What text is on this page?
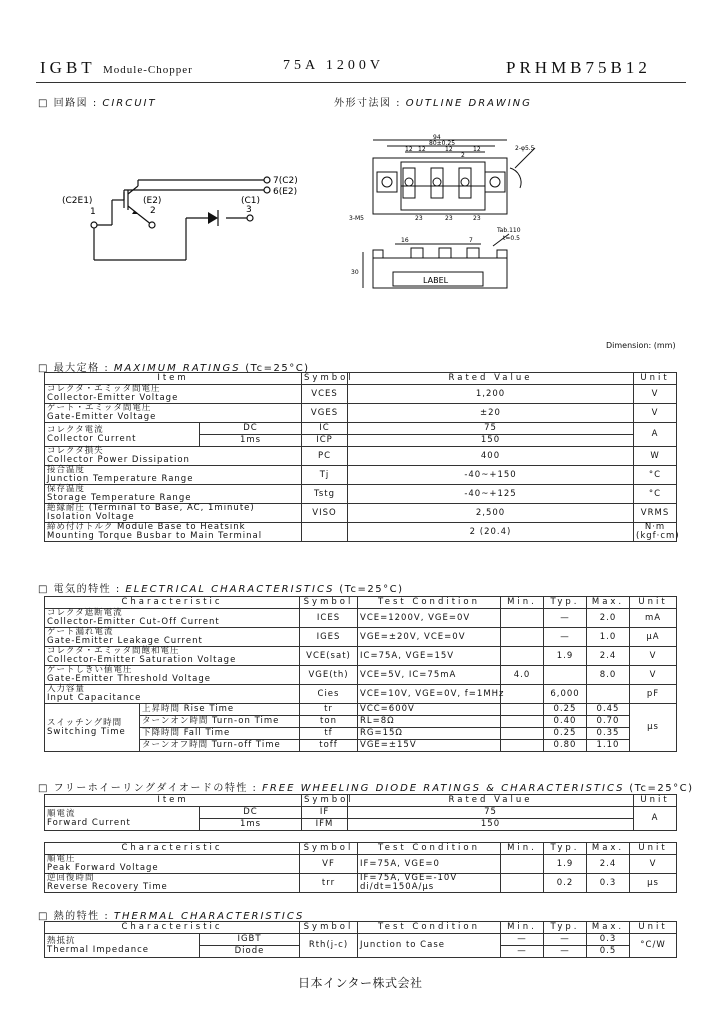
IGBT Module-Chopper	75A 1200V	PRHMB75B12
□ 回路図 : CIRCUIT
(C2E1)
1
(E2)
2
(C1)
3
7(C2)
6(E2)
外形寸法図 : OUTLINE DRAWING
94
80±0.25
12 12	12	12
2
23	23	23
2-φ5.5
3-M5
LABEL
16	7
30
Tab.110
t=0.5
Dimension: (mm)
□ 最大定格 : MAXIMUM RATINGS (Tc=25°C)
Item		Symbol	Rated Value	Unit
コレクタ・エミッタ間電圧
Collector-Emitter Voltage		VCES	1,200	V
ゲート・エミッタ間電圧
Gate-Emitter Voltage		VGES	±20	V
コレクタ電流
Collector Current	DC	IC	75	A
	1ms	ICP	150	
コレクタ損失
Collector Power Dissipation		PC	400	W
接合温度
Junction Temperature Range		Tj	-40~+150	°C
保存温度
Storage Temperature Range		Tstg	-40~+125	°C
絶縁耐圧 (Terminal to Base, AC, 1minute)
Isolation Voltage		VISO	2,500	VRMS
締め付けトルク Module Base to Heatsink
Mounting Torque Busbar to Main Terminal			2 (20.4)	N·m
(kgf·cm)
□ 電気的特性 : ELECTRICAL CHARACTERISTICS (Tc=25°C)
Characteristic		Symbol	Test Condition	Min.	Typ.	Max.	Unit
コレクタ遮断電流
Collector-Emitter Cut-Off Current		ICES	VCE=1200V, VGE=0V		—	2.0	mA
ゲート漏れ電流
Gate-Emitter Leakage Current		IGES	VGE=±20V, VCE=0V		—	1.0	μA
コレクタ・エミッタ間飽和電圧
Collector-Emitter Saturation Voltage		VCE(sat)	IC=75A, VGE=15V		1.9	2.4	V
ゲートしきい値電圧
Gate-Emitter Threshold Voltage		VGE(th)	VCE=5V, IC=75mA	4.0		8.0	V
入力容量
Input Capacitance		Cies	VCE=10V, VGE=0V, f=1MHz		6,000		pF
スイッチング時間
Switching Time	上昇時間 Rise Time	tr	VCC=600V		0.25	0.45	μs
	ターンオン時間 Turn-on Time	ton	RL=8Ω		0.40	0.70	
	下降時間 Fall Time	tf	RG=15Ω		0.25	0.35	
	ターンオフ時間 Turn-off Time	toff	VGE=±15V		0.80	1.10	
□ フリーホイーリングダイオードの特性 : FREE WHEELING DIODE RATINGS & CHARACTERISTICS (Tc=25°C)
Item		Symbol	Rated Value	Unit
順電流
Forward Current	DC	IF	75	A
	1ms	IFM	150	
Characteristic	Symbol	Test Condition	Min.	Typ.	Max.	Unit
順電圧
Peak Forward Voltage	VF	IF=75A, VGE=0		1.9	2.4	V
逆回復時間
Reverse Recovery Time	trr	IF=75A, VGE=-10V
di/dt=150A/μs		0.2	0.3	μs
□ 熱的特性 : THERMAL CHARACTERISTICS
Characteristic		Symbol	Test Condition	Min.	Typ.	Max.	Unit
熱抵抗
Thermal Impedance	IGBT	Rth(j-c)	Junction to Case	—	—	0.3	°C/W
	Diode			—	—	0.5	
日本インター株式会社
